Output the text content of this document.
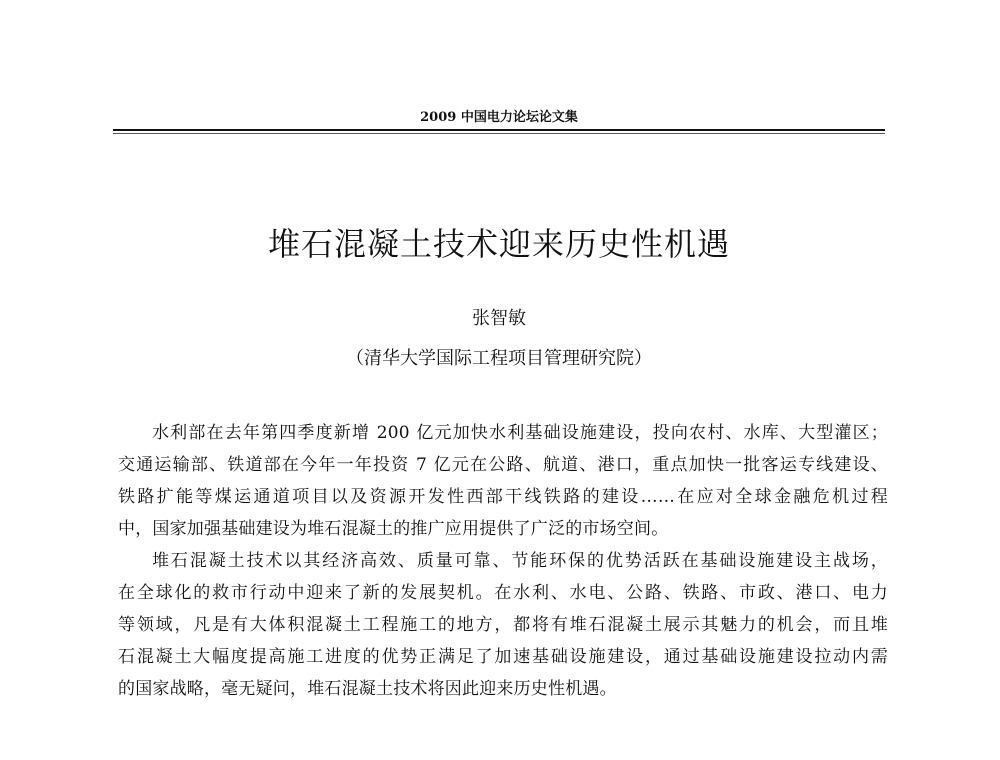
2009 中国电力论坛论文集
堆石混凝土技术迎来历史性机遇
张智敏
（清华大学国际工程项目管理研究院）
水利部在去年第四季度新增 200 亿元加快水利基础设施建设，投向农村、水库、大型灌区；
交通运输部、铁道部在今年一年投资 7 亿元在公路、航道、港口，重点加快一批客运专线建设、
铁路扩能等煤运通道项目以及资源开发性西部干线铁路的建设……在应对全球金融危机过程
中，国家加强基础建设为堆石混凝土的推广应用提供了广泛的市场空间。
堆石混凝土技术以其经济高效、质量可靠、节能环保的优势活跃在基础设施建设主战场，
在全球化的救市行动中迎来了新的发展契机。在水利、水电、公路、铁路、市政、港口、电力
等领域，凡是有大体积混凝土工程施工的地方，都将有堆石混凝土展示其魅力的机会，而且堆
石混凝土大幅度提高施工进度的优势正满足了加速基础设施建设，通过基础设施建设拉动内需
的国家战略，毫无疑问，堆石混凝土技术将因此迎来历史性机遇。
